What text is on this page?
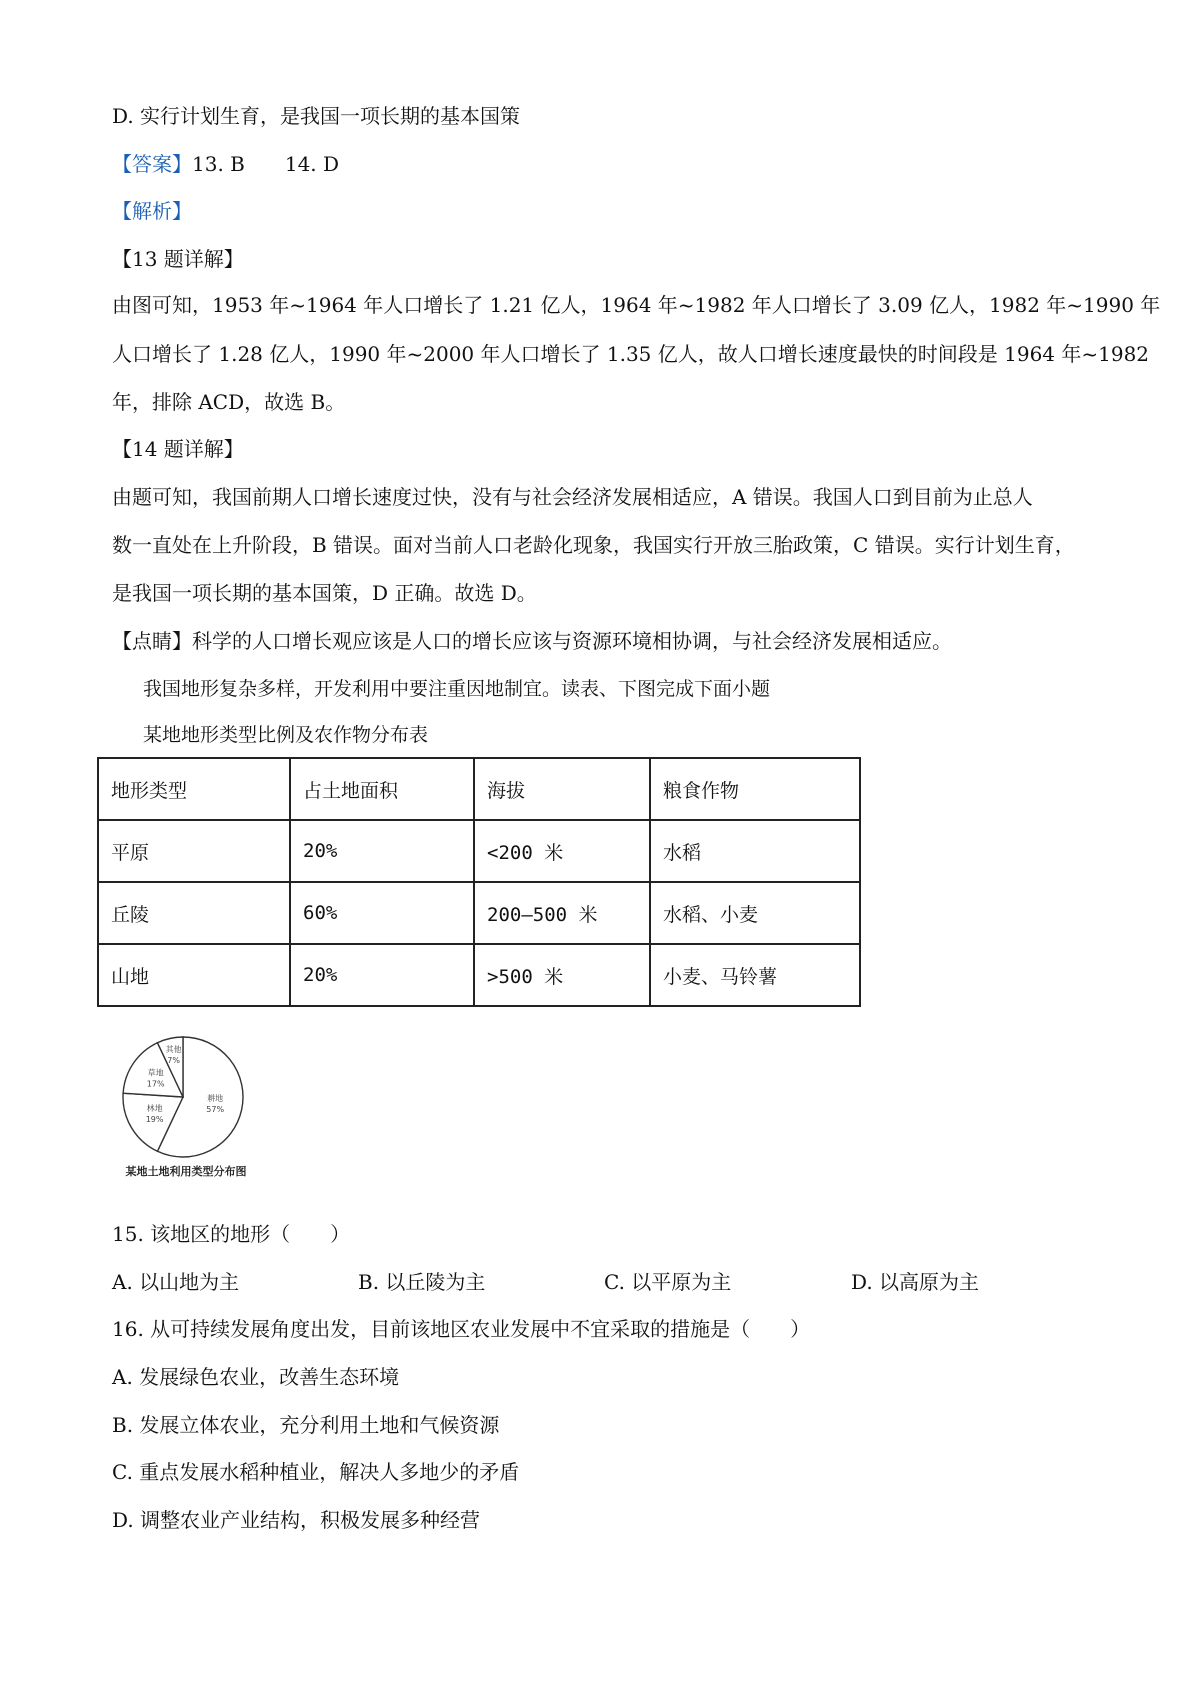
D. 实行计划生育，是我国一项长期的基本国策

【答案】13. B　　14. D

【解析】

【13 题详解】

由图可知，1953 年~1964 年人口增长了 1.21 亿人，1964 年~1982 年人口增长了 3.09 亿人，1982 年~1990 年

人口增长了 1.28 亿人，1990 年~2000 年人口增长了 1.35 亿人，故人口增长速度最快的时间段是 1964 年~1982

年，排除 ACD，故选 B。

【14 题详解】

由题可知，我国前期人口增长速度过快，没有与社会经济发展相适应，A 错误。我国人口到目前为止总人

数一直处在上升阶段，B 错误。面对当前人口老龄化现象，我国实行开放三胎政策，C 错误。实行计划生育，

是我国一项长期的基本国策，D 正确。故选 D。

【点睛】科学的人口增长观应该是人口的增长应该与资源环境相协调，与社会经济发展相适应。

我国地形复杂多样，开发利用中要注重因地制宜。读表、下图完成下面小题
某地地形类型比例及农作物分布表
地形类型	占土地面积	海拔	粮食作物
平原	20%	<200 米	水稻
丘陵	60%	200—500 米	水稻、小麦
山地	20%	>500 米	小麦、马铃薯
耕地
57%
林地
19%
草地
17%
其他
7%
某地土地利用类型分布图

15. 该地区的地形（　　）

A. 以山地为主	B. 以丘陵为主	C. 以平原为主	D. 以高原为主

16. 从可持续发展角度出发，目前该地区农业发展中不宜采取的措施是（　　）

A. 发展绿色农业，改善生态环境

B. 发展立体农业，充分利用土地和气候资源

C. 重点发展水稻种植业，解决人多地少的矛盾

D. 调整农业产业结构，积极发展多种经营
